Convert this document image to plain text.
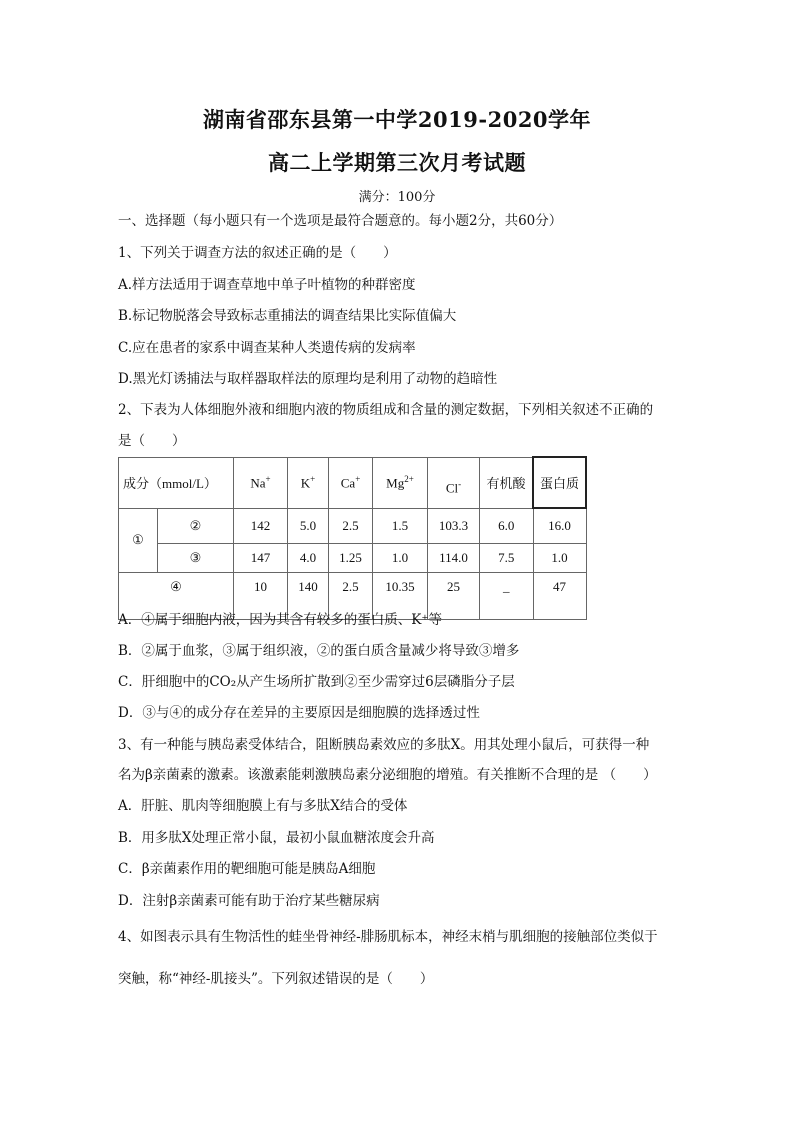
湖南省邵东县第一中学2019-2020学年
高二上学期第三次月考试题
满分：100分
一、选择题（每小题只有一个选项是最符合题意的。每小题2分，共60分）
1、下列关于调查方法的叙述正确的是（　　）
A.样方法适用于调查草地中单子叶植物的种群密度
B.标记物脱落会导致标志重捕法的调查结果比实际值偏大
C.应在患者的家系中调查某种人类遗传病的发病率
D.黑光灯诱捕法与取样器取样法的原理均是利用了动物的趋暗性
2、下表为人体细胞外液和细胞内液的物质组成和含量的测定数据，下列相关叙述不正确的
是（　　）
成分（mmol/L）		Na+	K+	Ca+	$Mg^{2+}$	Cl-	有机酸	蛋白质
①	②	142	5.0	2.5	1.5	103.3	6.0	16.0
	③	147	4.0	1.25	1.0	114.0	7.5	1.0
④		10	140	2.5	10.35	25	_	47
A．④属于细胞内液，因为其含有较多的蛋白质、K⁺等
B．②属于血浆，③属于组织液，②的蛋白质含量减少将导致③增多
C．肝细胞中的CO₂从产生场所扩散到②至少需穿过6层磷脂分子层
D．③与④的成分存在差异的主要原因是细胞膜的选择透过性
3、有一种能与胰岛素受体结合，阻断胰岛素效应的多肽X。用其处理小鼠后，可获得一种
名为β亲菌素的激素。该激素能刺激胰岛素分泌细胞的增殖。有关推断不合理的是 （　　）
A．肝脏、肌肉等细胞膜上有与多肽X结合的受体
B．用多肽X处理正常小鼠，最初小鼠血糖浓度会升高
C．β亲菌素作用的靶细胞可能是胰岛A细胞
D．注射β亲菌素可能有助于治疗某些糖尿病
4、如图表示具有生物活性的蛙坐骨神经-腓肠肌标本，神经末梢与肌细胞的接触部位类似于
突触，称“神经-肌接头”。下列叙述错误的是（　　）
